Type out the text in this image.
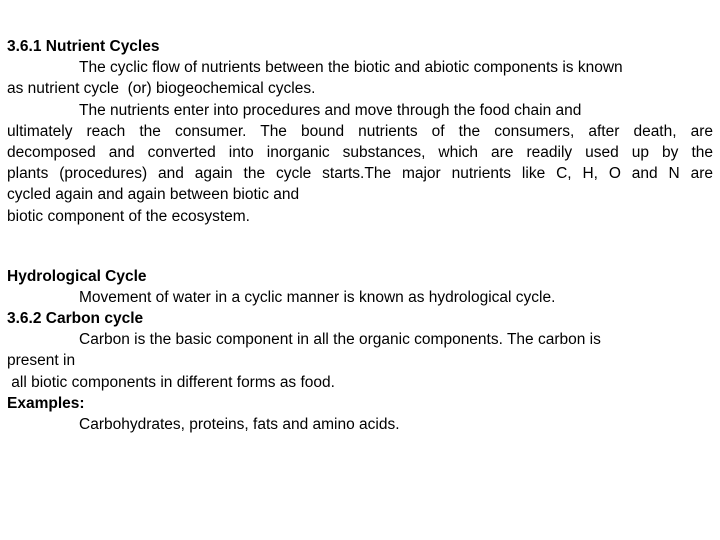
3.6.1 Nutrient Cycles
The cyclic flow of nutrients between the biotic and abiotic components is known
as nutrient cycle  (or) biogeochemical cycles.
The nutrients enter into procedures and move through the food chain and
ultimately reach the consumer. The bound nutrients of the consumers, after death, are
decomposed and converted into inorganic substances, which are readily used up by the
plants (procedures) and again the cycle starts.The major nutrients like C, H, O and N are
cycled again and again between biotic and
biotic component of the ecosystem.
Hydrological Cycle
Movement of water in a cyclic manner is known as hydrological cycle.
3.6.2 Carbon cycle
Carbon is the basic component in all the organic components. The carbon is
present in
all biotic components in different forms as food.
Examples:
Carbohydrates, proteins, fats and amino acids.
